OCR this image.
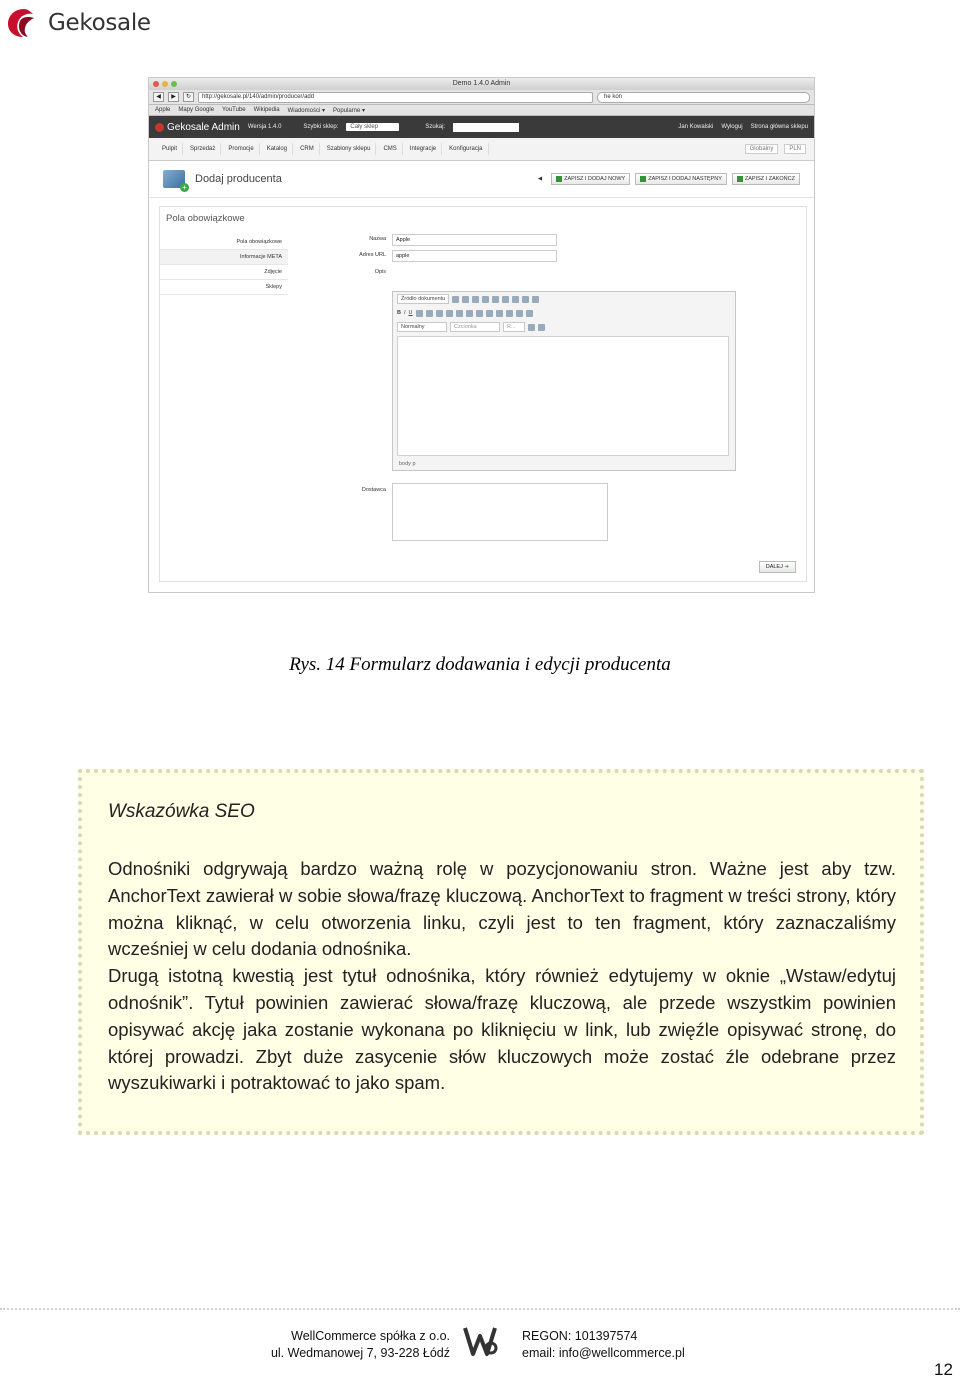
Gekosale
Demo 1.4.0 Admin
◀	▶	↻	http://gekosale.pl/140/admin/producer/add	he kon
Apple Mapy Google YouTube Wikipedia Wiadomości ▾ Popularne ▾
Gekosale Admin Wersja 1.4.0	Szybki sklep:	Cały sklep	Szukaj:	Jan Kowalski Wyloguj Strona główna sklepu
Pulpit	Sprzedaż	Promocje	Katalog	CRM	Szablony sklepu	CMS	Integracje	Konfiguracja	Globalny	PLN
+
Dodaj producenta	◀	ZAPISZ I DODAJ NOWY	ZAPISZ I DODAJ NASTĘPNY	ZAPISZ I ZAKOŃCZ
Pola obowiązkowe
Pola obowiązkowe
Informacje META
Zdjęcie
Sklepy
Nazwa	Apple
Adres URL	apple
Opis
Źródło dokumentu
B I U
Normalny	Czcionka	R...
body p
Dostawca
DALEJ ➔
Rys. 14 Formularz dodawania i edycji producenta
Wskazówka SEO
Odnośniki odgrywają bardzo ważną rolę w pozycjonowaniu stron. Ważne jest aby tzw. AnchorText zawierał w sobie słowa/frazę kluczową. AnchorText to fragment w treści strony, który można kliknąć, w celu otworzenia linku, czyli jest to ten fragment, który zaznaczaliśmy wcześniej w celu dodania odnośnika.
Drugą istotną kwestią jest tytuł odnośnika, który również edytujemy w oknie „Wstaw/edytuj odnośnik”. Tytuł powinien zawierać słowa/frazę kluczową, ale przede wszystkim powinien opisywać akcję jaka zostanie wykonana po kliknięciu w link, lub zwięźle opisywać stronę, do której prowadzi. Zbyt duże zasycenie słów kluczowych może zostać źle odebrane przez wyszukiwarki i potraktować to jako spam.
WellCommerce spółka z o.o.
ul. Wedmanowej 7, 93-228 Łódź
REGON: 101397574
email: info@wellcommerce.pl
12
